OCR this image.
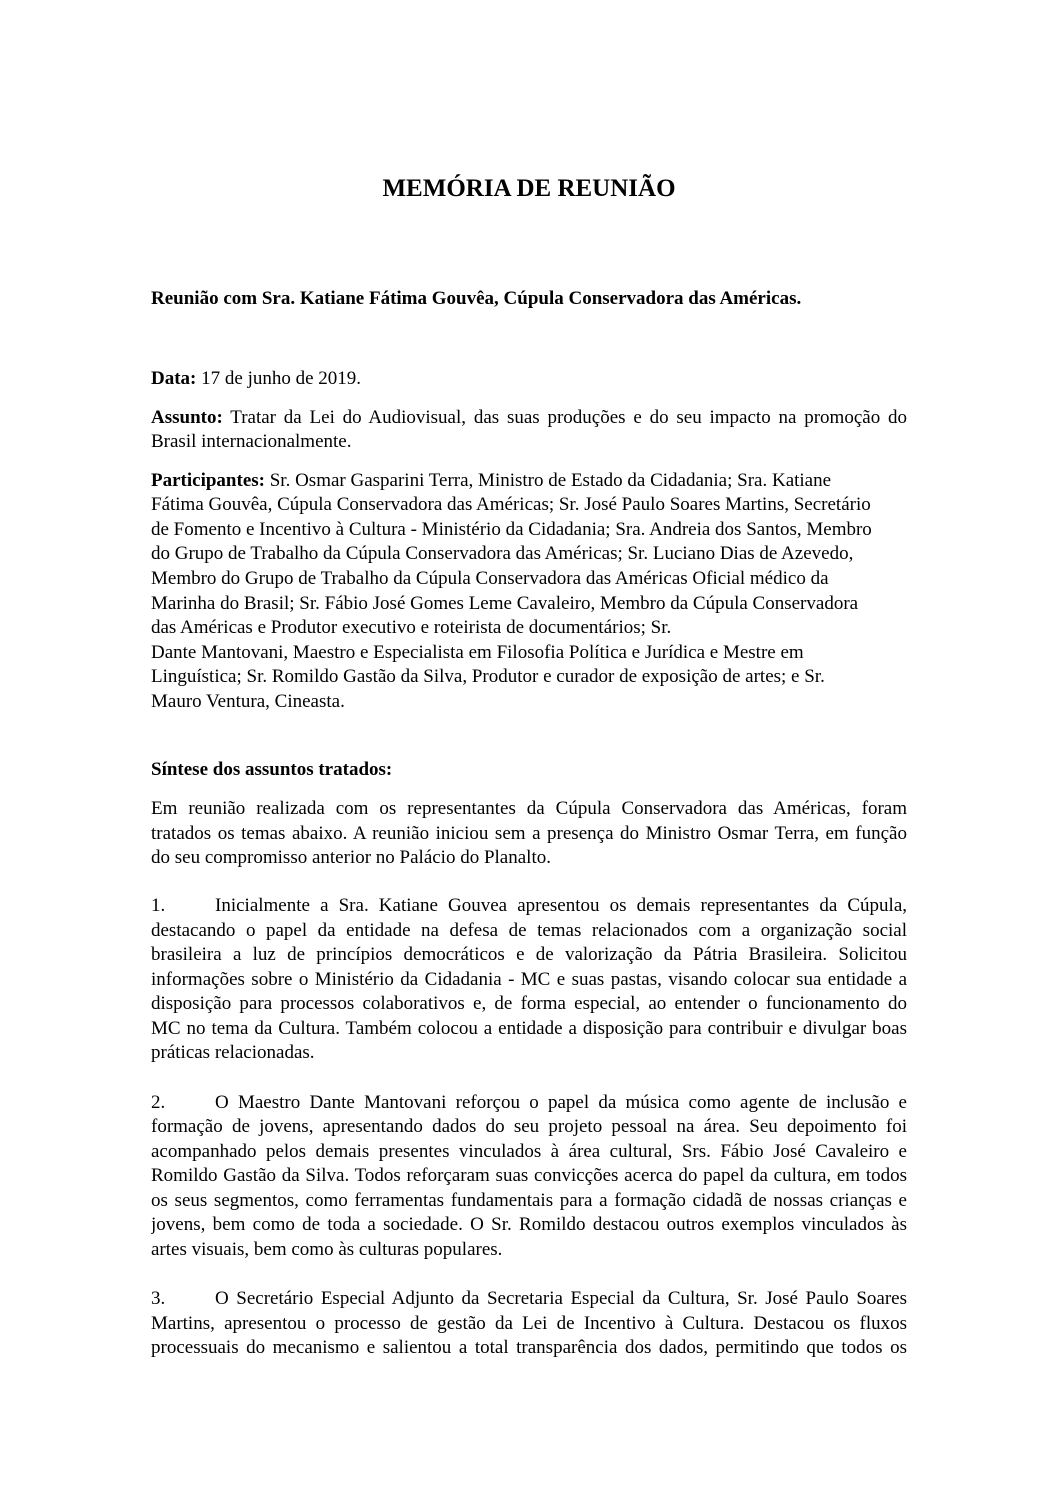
MEMÓRIA DE REUNIÃO
Reunião com Sra. Katiane Fátima Gouvêa, Cúpula Conservadora das Américas.
Data: 17 de junho de 2019.
Assunto: Tratar da Lei do Audiovisual, das suas produções e do seu impacto na promoção do
Brasil internacionalmente.
Participantes: Sr. Osmar Gasparini Terra, Ministro de Estado da Cidadania; Sra. Katiane
Fátima Gouvêa, Cúpula Conservadora das Américas; Sr. José Paulo Soares Martins, Secretário
de Fomento e Incentivo à Cultura - Ministério da Cidadania; Sra. Andreia dos Santos, Membro
do Grupo de Trabalho da Cúpula Conservadora das Américas; Sr. Luciano Dias de Azevedo,
Membro do Grupo de Trabalho da Cúpula Conservadora das Américas Oficial médico da
Marinha do Brasil; Sr. Fábio José Gomes Leme Cavaleiro, Membro da Cúpula Conservadora
das Américas e Produtor executivo e roteirista de documentários; Sr.
Dante Mantovani, Maestro e Especialista em Filosofia Política e Jurídica e Mestre em
Linguística; Sr. Romildo Gastão da Silva, Produtor e curador de exposição de artes; e Sr.
Mauro Ventura, Cineasta.
Síntese dos assuntos tratados:
Em reunião realizada com os representantes da Cúpula Conservadora das Américas, foram
tratados os temas abaixo. A reunião iniciou sem a presença do Ministro Osmar Terra, em função
do seu compromisso anterior no Palácio do Planalto.
1.	Inicialmente a Sra. Katiane Gouvea apresentou os demais representantes da Cúpula,
destacando o papel da entidade na defesa de temas relacionados com a organização social
brasileira a luz de princípios democráticos e de valorização da Pátria Brasileira. Solicitou
informações sobre o Ministério da Cidadania - MC e suas pastas, visando colocar sua entidade a
disposição para processos colaborativos e, de forma especial, ao entender o funcionamento do
MC no tema da Cultura. Também colocou a entidade a disposição para contribuir e divulgar boas
práticas relacionadas.
2.	O Maestro Dante Mantovani reforçou o papel da música como agente de inclusão e
formação de jovens, apresentando dados do seu projeto pessoal na área. Seu depoimento foi
acompanhado pelos demais presentes vinculados à área cultural, Srs. Fábio José Cavaleiro e
Romildo Gastão da Silva. Todos reforçaram suas convicções acerca do papel da cultura, em todos
os seus segmentos, como ferramentas fundamentais para a formação cidadã de nossas crianças e
jovens, bem como de toda a sociedade. O Sr. Romildo destacou outros exemplos vinculados às
artes visuais, bem como às culturas populares.
3.	O Secretário Especial Adjunto da Secretaria Especial da Cultura, Sr. José Paulo Soares
Martins, apresentou o processo de gestão da Lei de Incentivo à Cultura. Destacou os fluxos
processuais do mecanismo e salientou a total transparência dos dados, permitindo que todos os
